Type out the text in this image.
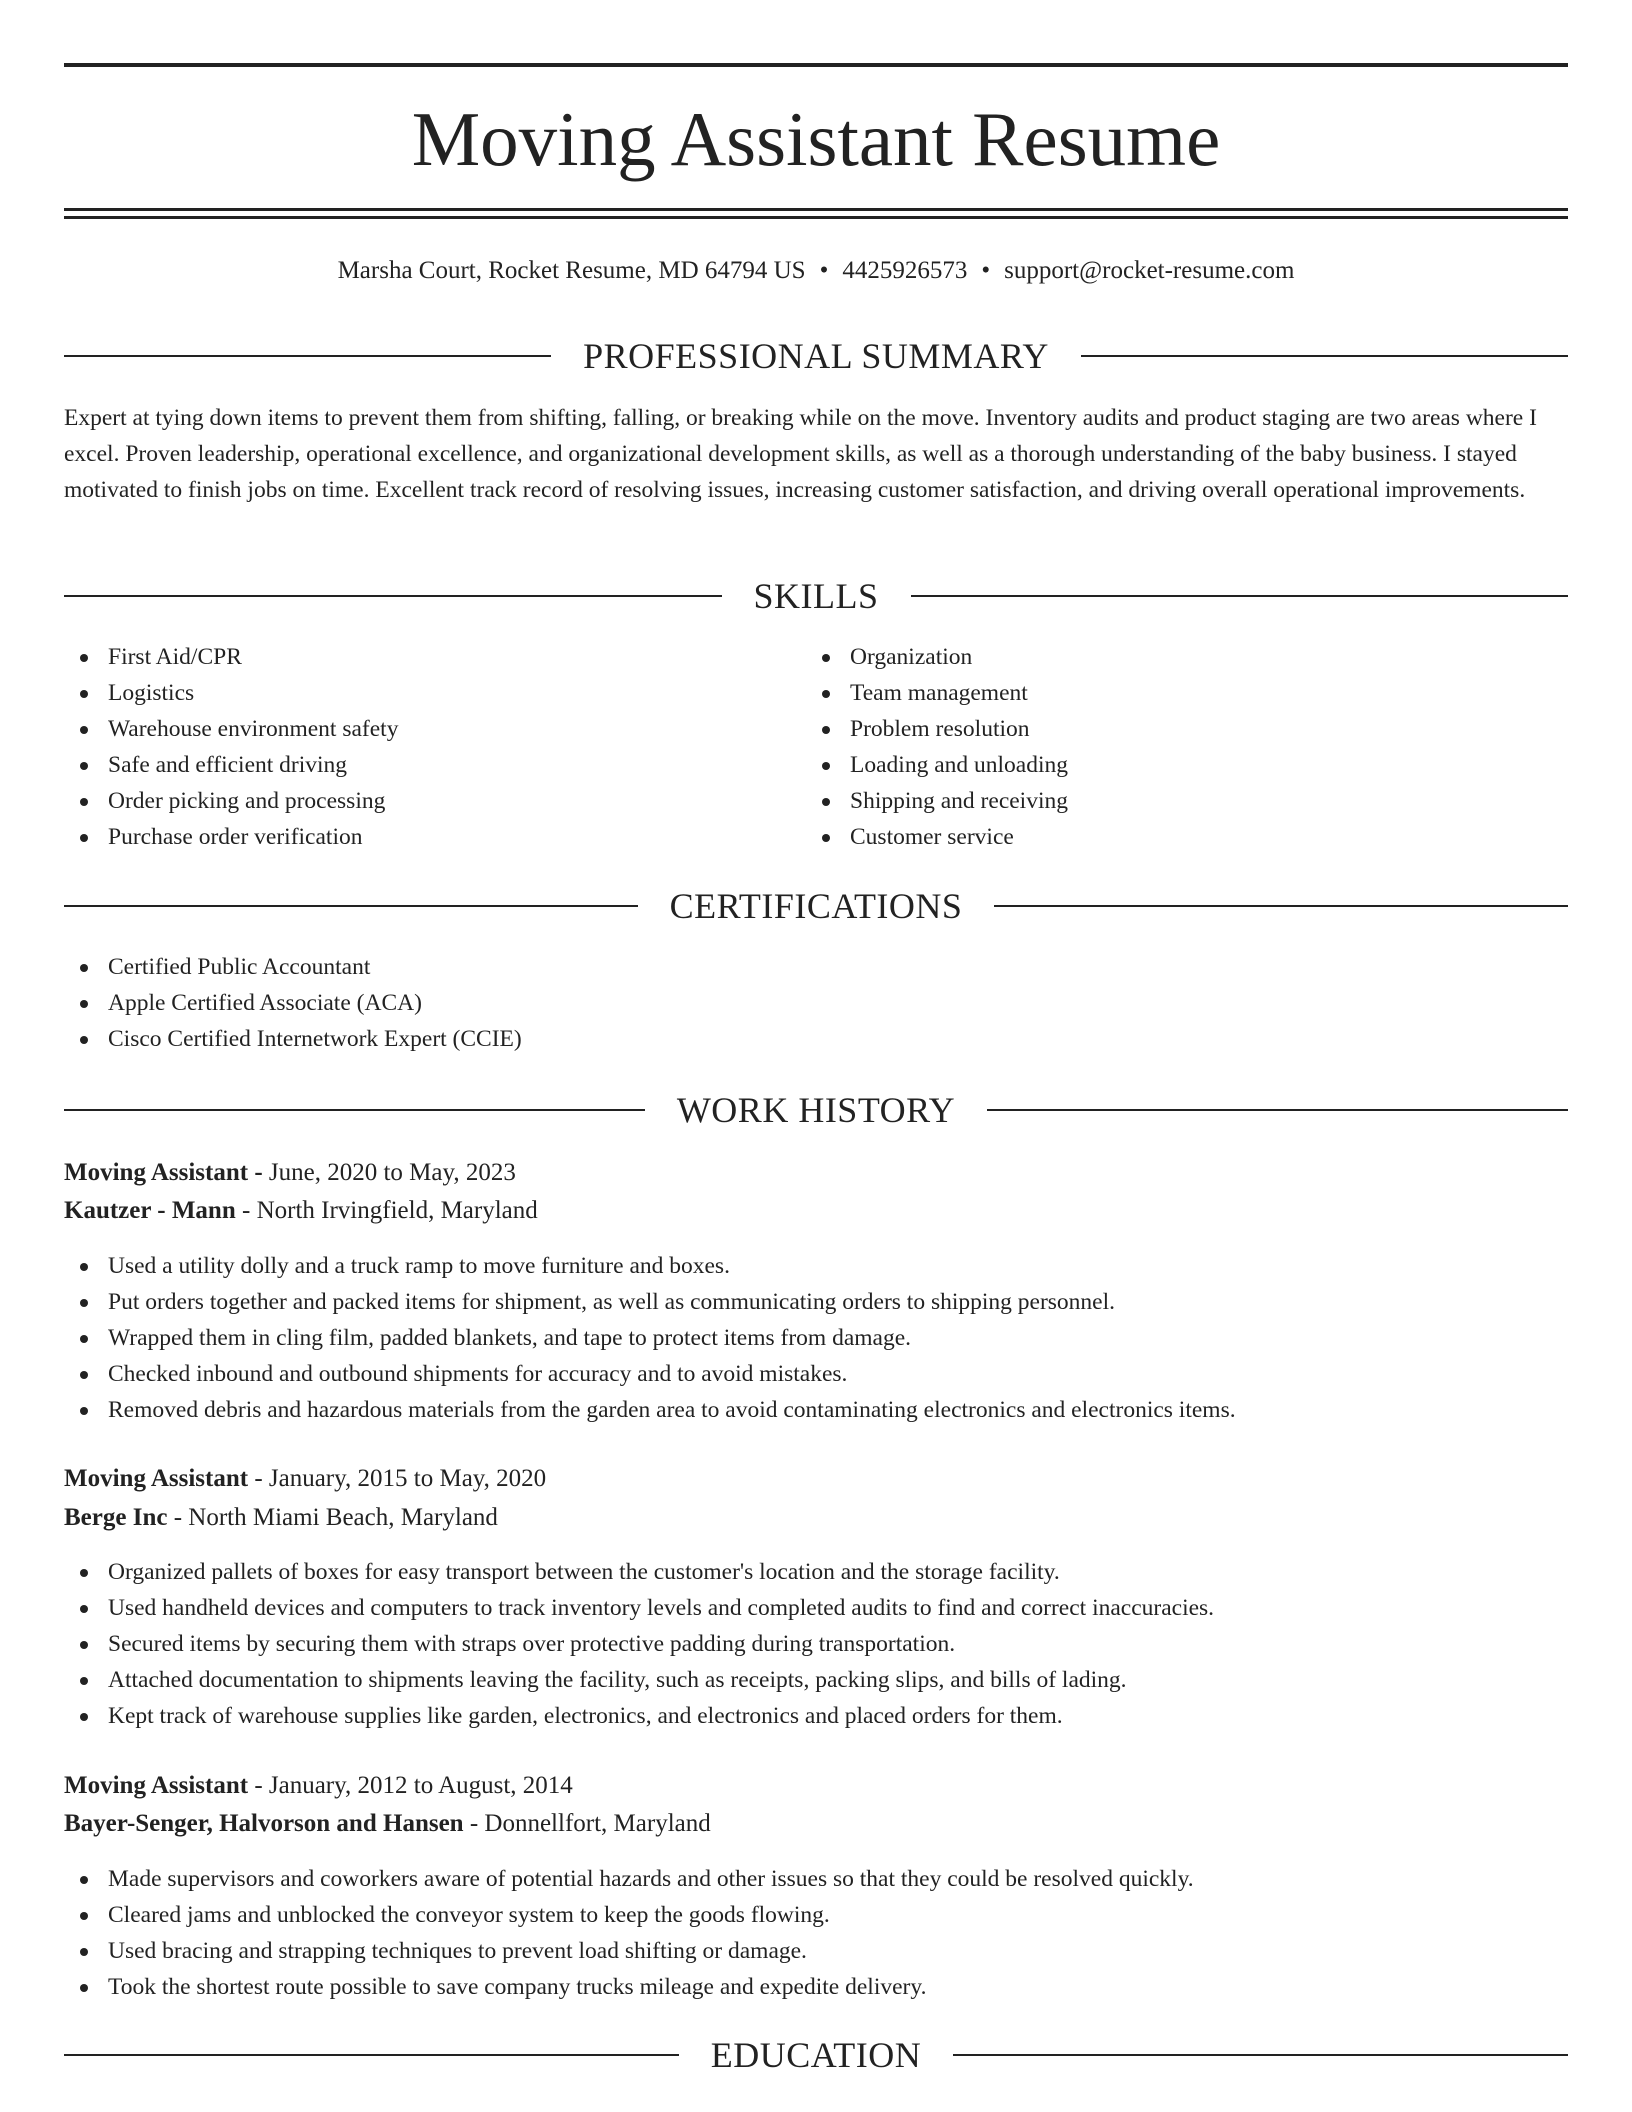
Moving Assistant Resume
Marsha Court, Rocket Resume, MD 64794 US • 4425926573 • support@rocket-resume.com
PROFESSIONAL SUMMARY

Expert at tying down items to prevent them from shifting, falling, or breaking while on the move. Inventory audits and product staging are two areas where I excel. Proven leadership, operational excellence, and organizational development skills, as well as a thorough understanding of the baby business. I stayed motivated to finish jobs on time. Excellent track record of resolving issues, increasing customer satisfaction, and driving overall operational improvements.

SKILLS
First Aid/CPR
Logistics
Warehouse environment safety
Safe and efficient driving
Order picking and processing
Purchase order verification
Organization
Team management
Problem resolution
Loading and unloading
Shipping and receiving
Customer service
CERTIFICATIONS
Certified Public Accountant
Apple Certified Associate (ACA)
Cisco Certified Internetwork Expert (CCIE)
WORK HISTORY
Moving Assistant - June, 2020 to May, 2023
Kautzer - Mann - North Irvingfield, Maryland
Used a utility dolly and a truck ramp to move furniture and boxes.
Put orders together and packed items for shipment, as well as communicating orders to shipping personnel.
Wrapped them in cling film, padded blankets, and tape to protect items from damage.
Checked inbound and outbound shipments for accuracy and to avoid mistakes.
Removed debris and hazardous materials from the garden area to avoid contaminating electronics and electronics items.
Moving Assistant - January, 2015 to May, 2020
Berge Inc - North Miami Beach, Maryland
Organized pallets of boxes for easy transport between the customer's location and the storage facility.
Used handheld devices and computers to track inventory levels and completed audits to find and correct inaccuracies.
Secured items by securing them with straps over protective padding during transportation.
Attached documentation to shipments leaving the facility, such as receipts, packing slips, and bills of lading.
Kept track of warehouse supplies like garden, electronics, and electronics and placed orders for them.
Moving Assistant - January, 2012 to August, 2014
Bayer-Senger, Halvorson and Hansen - Donnellfort, Maryland
Made supervisors and coworkers aware of potential hazards and other issues so that they could be resolved quickly.
Cleared jams and unblocked the conveyor system to keep the goods flowing.
Used bracing and strapping techniques to prevent load shifting or damage.
Took the shortest route possible to save company trucks mileage and expedite delivery.
EDUCATION
